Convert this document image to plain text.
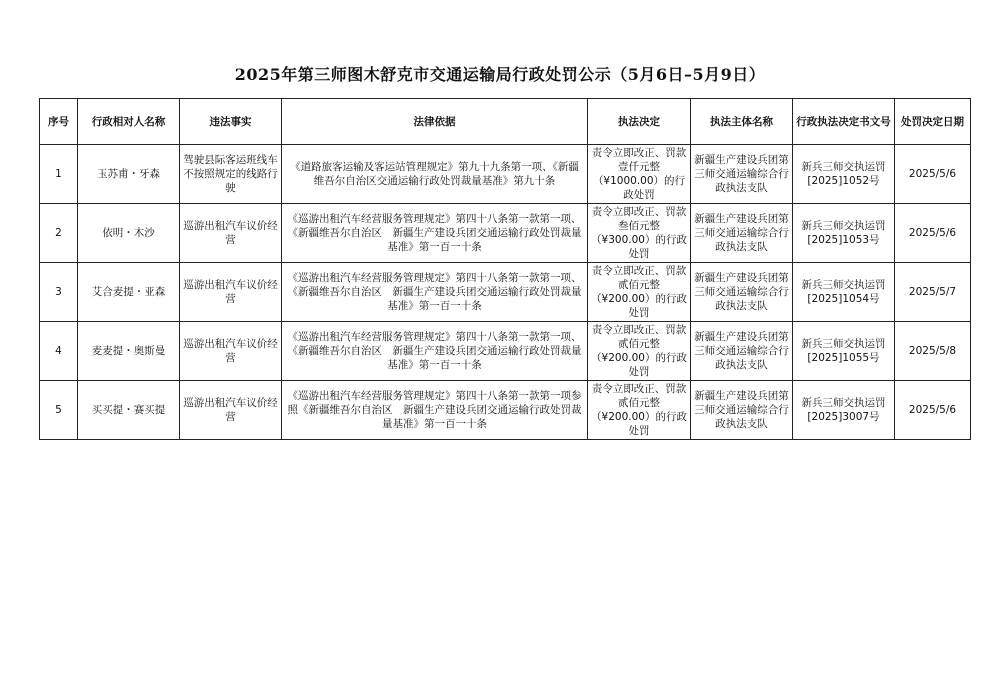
2025年第三师图木舒克市交通运输局行政处罚公示（5月6日–5月9日）
序号	行政相对人名称	违法事实	法律依据	执法决定	执法主体名称	行政执法决定书文号	处罚决定日期
1	玉苏甫・牙森	驾驶县际客运班线车不按照规定的线路行驶	《道路旅客运输及客运站管理规定》第九十九条第一项、《新疆维吾尔自治区交通运输行政处罚裁量基准》第九十条	责令立即改正、罚款壹仟元整（¥1000.00）的行政处罚	新疆生产建设兵团第三师交通运输综合行政执法支队	新兵三师交执运罚[2025]1052号	2025/5/6
2	依明・木沙	巡游出租汽车议价经营	《巡游出租汽车经营服务管理规定》第四十八条第一款第一项、《新疆维吾尔自治区　新疆生产建设兵团交通运输行政处罚裁量基准》第一百一十条	责令立即改正、罚款叁佰元整（¥300.00）的行政处罚	新疆生产建设兵团第三师交通运输综合行政执法支队	新兵三师交执运罚[2025]1053号	2025/5/6
3	艾合麦提・亚森	巡游出租汽车议价经营	《巡游出租汽车经营服务管理规定》第四十八条第一款第一项、《新疆维吾尔自治区　新疆生产建设兵团交通运输行政处罚裁量基准》第一百一十条	责令立即改正、罚款贰佰元整（¥200.00）的行政处罚	新疆生产建设兵团第三师交通运输综合行政执法支队	新兵三师交执运罚[2025]1054号	2025/5/7
4	麦麦提・奥斯曼	巡游出租汽车议价经营	《巡游出租汽车经营服务管理规定》第四十八条第一款第一项、《新疆维吾尔自治区　新疆生产建设兵团交通运输行政处罚裁量基准》第一百一十条	责令立即改正、罚款贰佰元整（¥200.00）的行政处罚	新疆生产建设兵团第三师交通运输综合行政执法支队	新兵三师交执运罚[2025]1055号	2025/5/8
5	买买提・赛买提	巡游出租汽车议价经营	《巡游出租汽车经营服务管理规定》第四十八条第一款第一项参照《新疆维吾尔自治区　新疆生产建设兵团交通运输行政处罚裁量基准》第一百一十条	责令立即改正、罚款贰佰元整（¥200.00）的行政处罚	新疆生产建设兵团第三师交通运输综合行政执法支队	新兵三师交执运罚[2025]3007号	2025/5/6
